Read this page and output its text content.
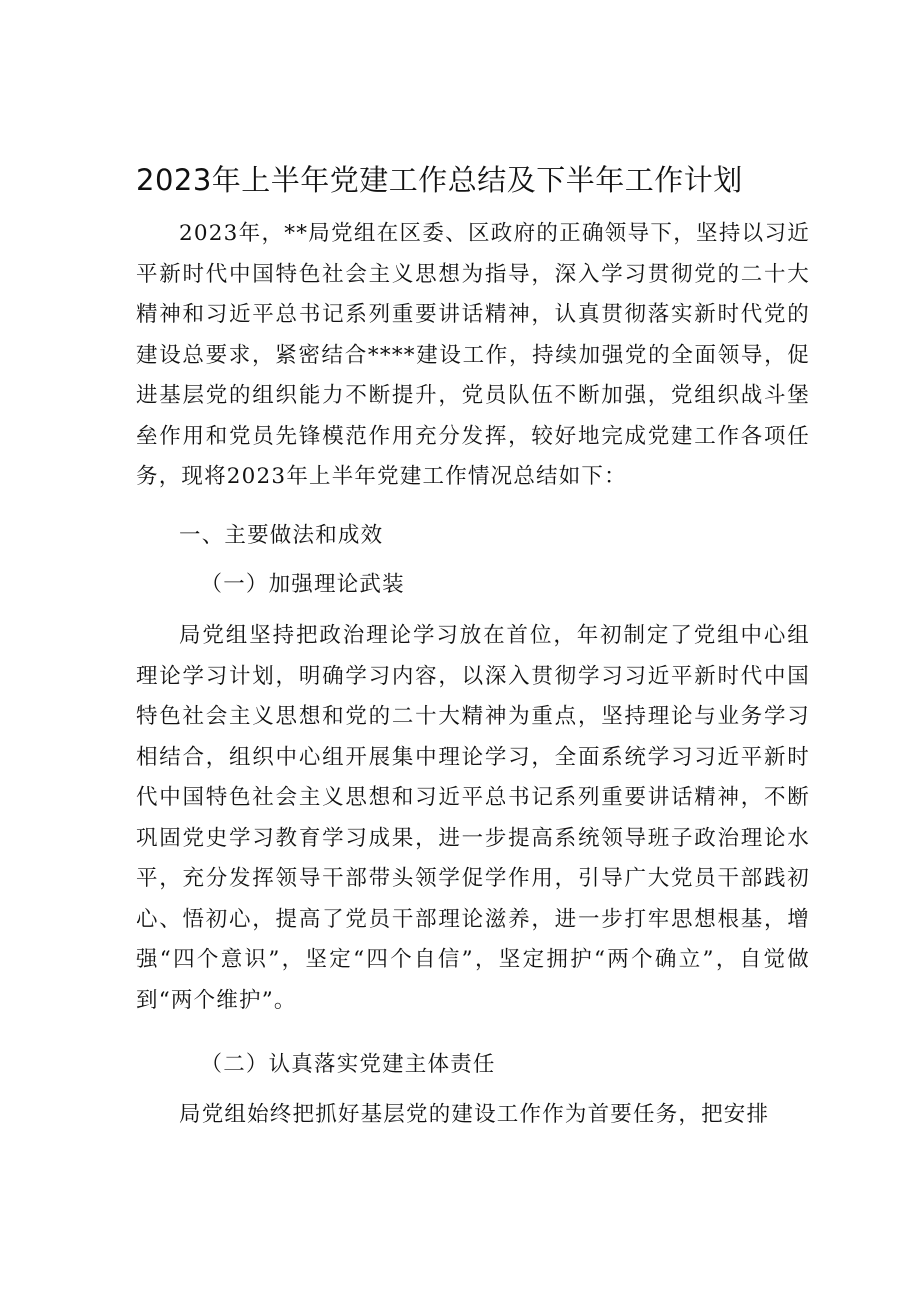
2023年上半年党建工作总结及下半年工作计划

2023年，**局党组在区委、区政府的正确领导下，坚持以习近平新时代中国特色社会主义思想为指导，深入学习贯彻党的二十大精神和习近平总书记系列重要讲话精神，认真贯彻落实新时代党的建设总要求，紧密结合****建设工作，持续加强党的全面领导，促进基层党的组织能力不断提升，党员队伍不断加强，党组织战斗堡垒作用和党员先锋模范作用充分发挥，较好地完成党建工作各项任务，现将2023年上半年党建工作情况总结如下：

一、主要做法和成效
（一）加强理论武装

局党组坚持把政治理论学习放在首位，年初制定了党组中心组理论学习计划，明确学习内容，以深入贯彻学习习近平新时代中国特色社会主义思想和党的二十大精神为重点，坚持理论与业务学习相结合，组织中心组开展集中理论学习，全面系统学习习近平新时代中国特色社会主义思想和习近平总书记系列重要讲话精神，不断巩固党史学习教育学习成果，进一步提高系统领导班子政治理论水平，充分发挥领导干部带头领学促学作用，引导广大党员干部践初心、悟初心，提高了党员干部理论滋养，进一步打牢思想根基，增强“四个意识”，坚定“四个自信”，坚定拥护“两个确立”，自觉做到“两个维护”。

（二）认真落实党建主体责任

局党组始终把抓好基层党的建设工作作为首要任务，把安排
